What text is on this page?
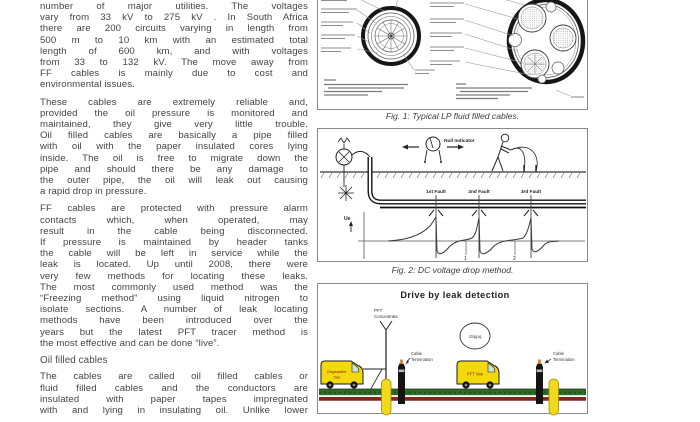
number of major utilities. The voltages
vary from 33 kV to 275 kV . In South Africa
there are 200 circuits varying in length from
500 m to 10 km with an estimated total
length of 600 km, and with voltages
from 33 to 132 kV. The move away from
FF cables is mainly due to cost and
environmental issues.
These cables are extremely reliable and,
provided the oil pressure is monitored and
maintained, they give very little trouble.
Oil filled cables are basically a pipe filled
with oil with the paper insulated cores lying
inside. The oil is free to migrate down the
pipe and should there be any damage to
the outer pipe, the oil will leak out causing
a rapid drop in pressure.
FF cables are protected with pressure alarm
contacts which, when operated, may
result in the cable being disconnected.
If pressure is maintained by header tanks
the cable will be left in service while the
leak is located. Up until 2008, there were
very few methods for locating these leaks.
The most commonly used method was the
“Freezing method” using liquid nitrogen to
isolate sections. A number of leak locating
methods have been introduced over the
years but the latest PFT tracer method is
the most effective and can be done “live”.
Oil filled cables
The cables are called oil filled cables or
fluid filled cables and the conductors are
insulated with paper tapes impregnated
with and lying in insulating oil. Unlike lower
Fig. 1: Typical LP fluid filled cables.
Null Indicator
1st Fault	2nd Fault	3rd Fault
Ue
1	2
Fig. 2: DC voltage drop method.
Drive by leak detection
PFT
Concentrate
Degassifier
Van
15ppq
PFT Van
Cable
Termination
Cable
Termination
